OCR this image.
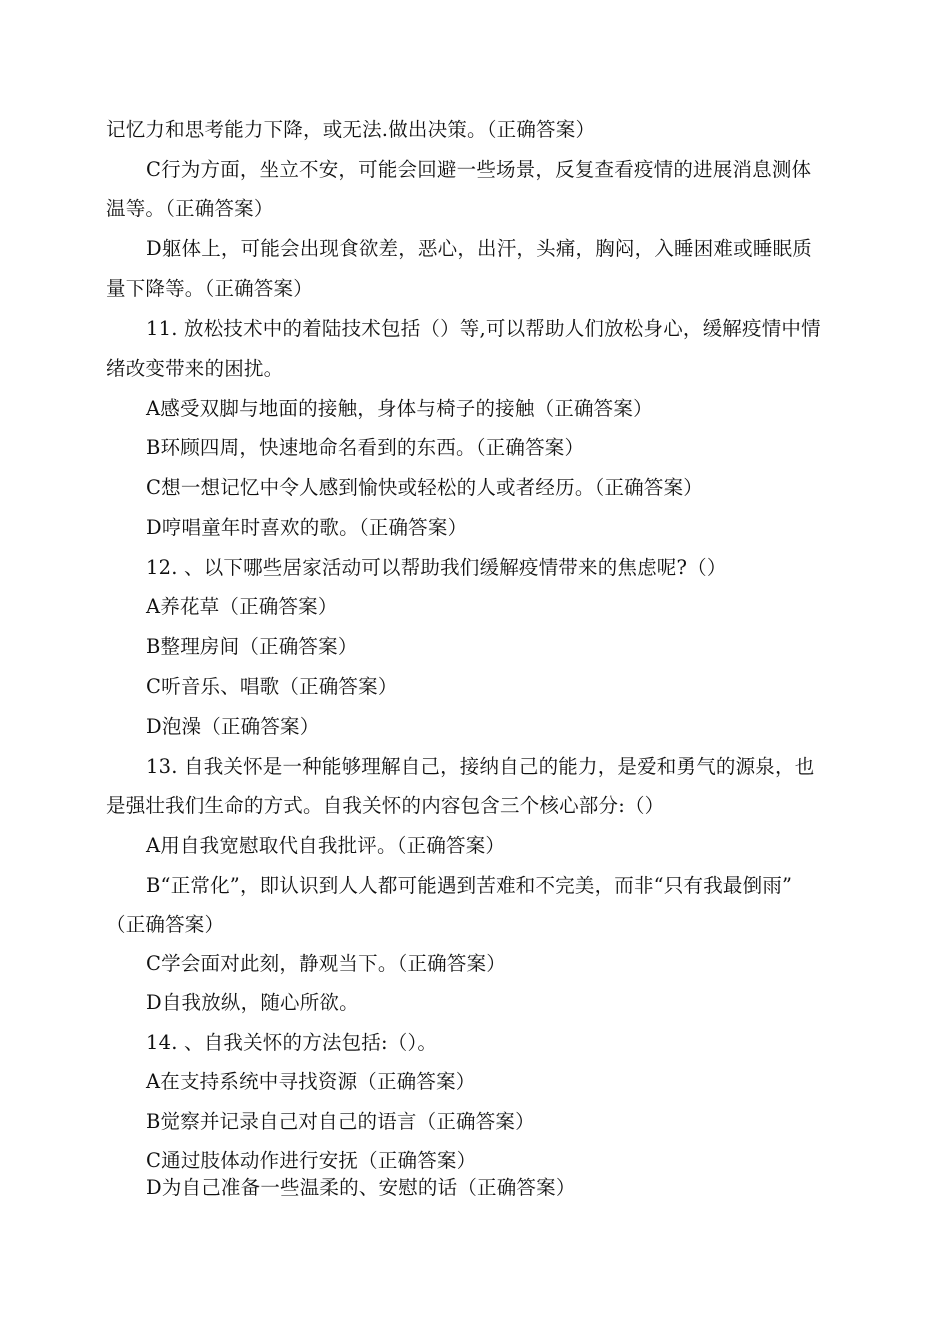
记忆力和思考能力下降，或无法.做出决策。（正确答案）
C行为方面，坐立不安，可能会回避一些场景，反复查看疫情的进展消息测体
温等。（正确答案）
D躯体上，可能会出现食欲差，恶心，出汗，头痛，胸闷，入睡困难或睡眠质
量下降等。（正确答案）
11. 放松技术中的着陆技术包括（）等,可以帮助人们放松身心，缓解疫情中情
绪改变带来的困扰。
A感受双脚与地面的接触，身体与椅子的接触（正确答案）
B环顾四周，快速地命名看到的东西。（正确答案）
C想一想记忆中令人感到愉快或轻松的人或者经历。（正确答案）
D哼唱童年时喜欢的歌。（正确答案）
12. 、以下哪些居家活动可以帮助我们缓解疫情带来的焦虑呢?（）
A养花草（正确答案）
B整理房间（正确答案）
C听音乐、唱歌（正确答案）
D泡澡（正确答案）
13. 自我关怀是一种能够理解自己，接纳自己的能力，是爱和勇气的源泉，也
是强壮我们生命的方式。自我关怀的内容包含三个核心部分:（）
A用自我宽慰取代自我批评。（正确答案）
B“正常化”，即认识到人人都可能遇到苦难和不完美，而非“只有我最倒雨”
（正确答案）
C学会面对此刻，静观当下。（正确答案）
D自我放纵，随心所欲。
14. 、自我关怀的方法包括:（）。
A在支持系统中寻找资源（正确答案）
B觉察并记录自己对自己的语言（正确答案）
C通过肢体动作进行安抚（正确答案）
D为自己准备一些温柔的、安慰的话（正确答案）
